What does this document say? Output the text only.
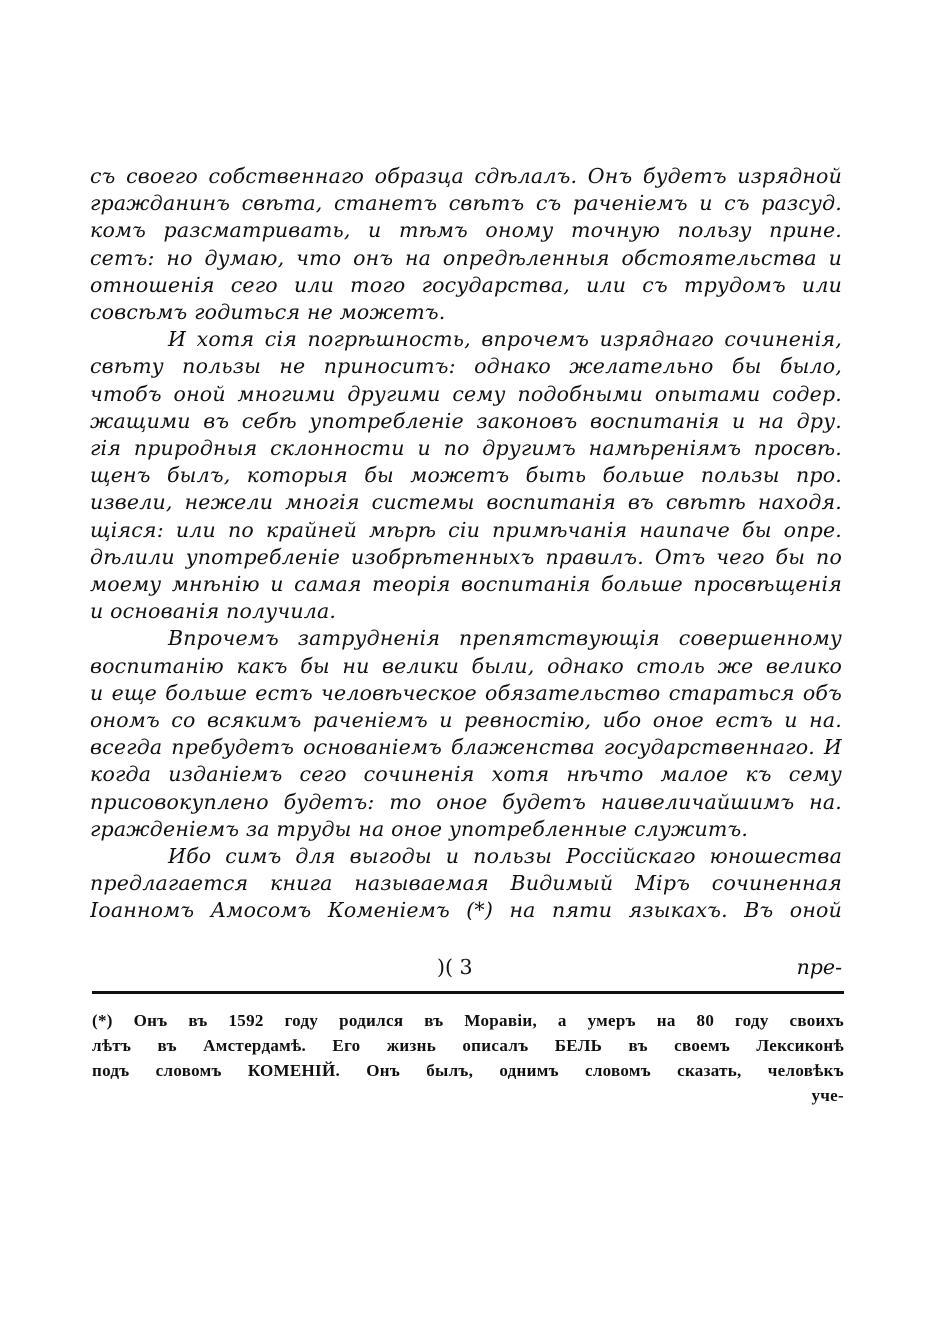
съ своего собственнаго образца сдѣлалъ. Онъ будетъ изрядной
гражданинъ свѣта, станетъ свѣтъ съ раченіемъ и съ разсуд.
комъ разсматривать, и тѣмъ оному точную пользу прине.
сетъ: но думаю, что онъ на опредѣленныя обстоятельства и
отношенія сего или того государства, или съ трудомъ или
совсѣмъ годиться не можетъ.
И хотя сія погрѣшность, впрочемъ изряднаго сочиненія,
свѣту пользы не приноситъ: однако желательно бы было,
чтобъ оной многими другими сему подобными опытами содер.
жащими въ себѣ употребленіе законовъ воспитанія и на дру.
гія природныя склонности и по другимъ намѣреніямъ просвѣ.
щенъ былъ, которыя бы можетъ быть больше пользы про.
извели, нежели многія системы воспитанія въ свѣтѣ находя.
щіяся: или по крайней мѣрѣ сіи примѣчанія наипаче бы опре.
дѣлили употребленіе изобрѣтенныхъ правилъ. Отъ чего бы по
моему мнѣнію и самая теорія воспитанія больше просвѣщенія
и основанія получила.
Впрочемъ затрудненія препятствующія совершенному
воспитанію какъ бы ни велики были, однако столь же велико
и еще больше естъ человѣческое обязательство стараться объ
ономъ со всякимъ раченіемъ и ревностію, ибо оное естъ и на.
всегда пребудетъ основаніемъ блаженства государственнаго. И
когда изданіемъ сего сочиненія хотя нѣчто малое къ сему
присовокуплено будетъ: то оное будетъ наивеличайшимъ на.
гражденіемъ за труды на оное употребленные служитъ.
Ибо симъ для выгоды и пользы Россійскаго юношества
предлагается книга называемая Видимый Міръ сочиненная
Іоанномъ Амосомъ Коменіемъ (*) на пяти языкахъ. Въ оной
)( 3	пре-
(*) Онъ въ 1592 году родился въ Моравіи, а умеръ на 80 году своихъ
лѣтъ въ Амстердамѣ. Его жизнь описалъ БЕЛЬ въ своемъ Лексиконѣ
подъ словомъ КОМЕНІЙ. Онъ былъ, однимъ словомъ сказать, человѣкъ
уче-
